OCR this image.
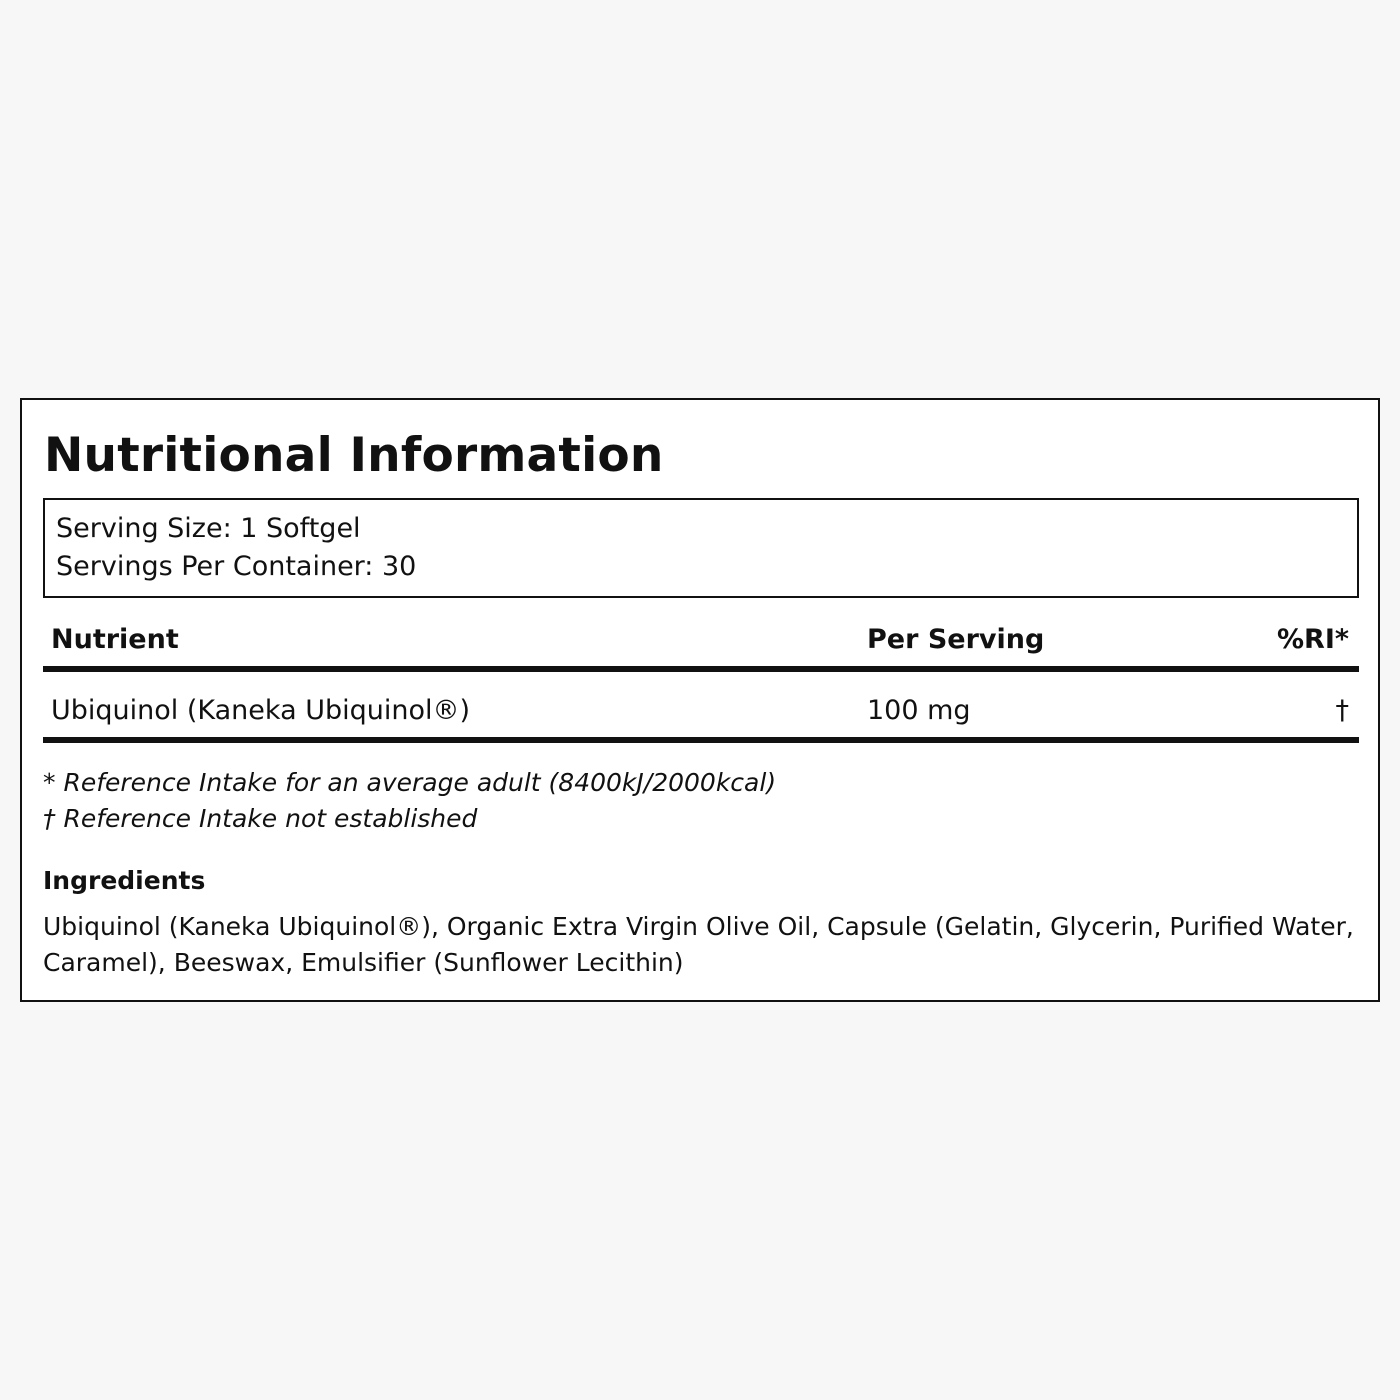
Nutritional Information
Serving Size: 1 Softgel
Servings Per Container: 30
Nutrient	Per Serving	%RI*
Ubiquinol (Kaneka Ubiquinol®)	100 mg	†
* Reference Intake for an average adult (8400kJ/2000kcal)
† Reference Intake not established
Ingredients
Ubiquinol (Kaneka Ubiquinol®), Organic Extra Virgin Olive Oil, Capsule (Gelatin, Glycerin, Purified Water, Caramel), Beeswax, Emulsifier (Sunflower Lecithin)
